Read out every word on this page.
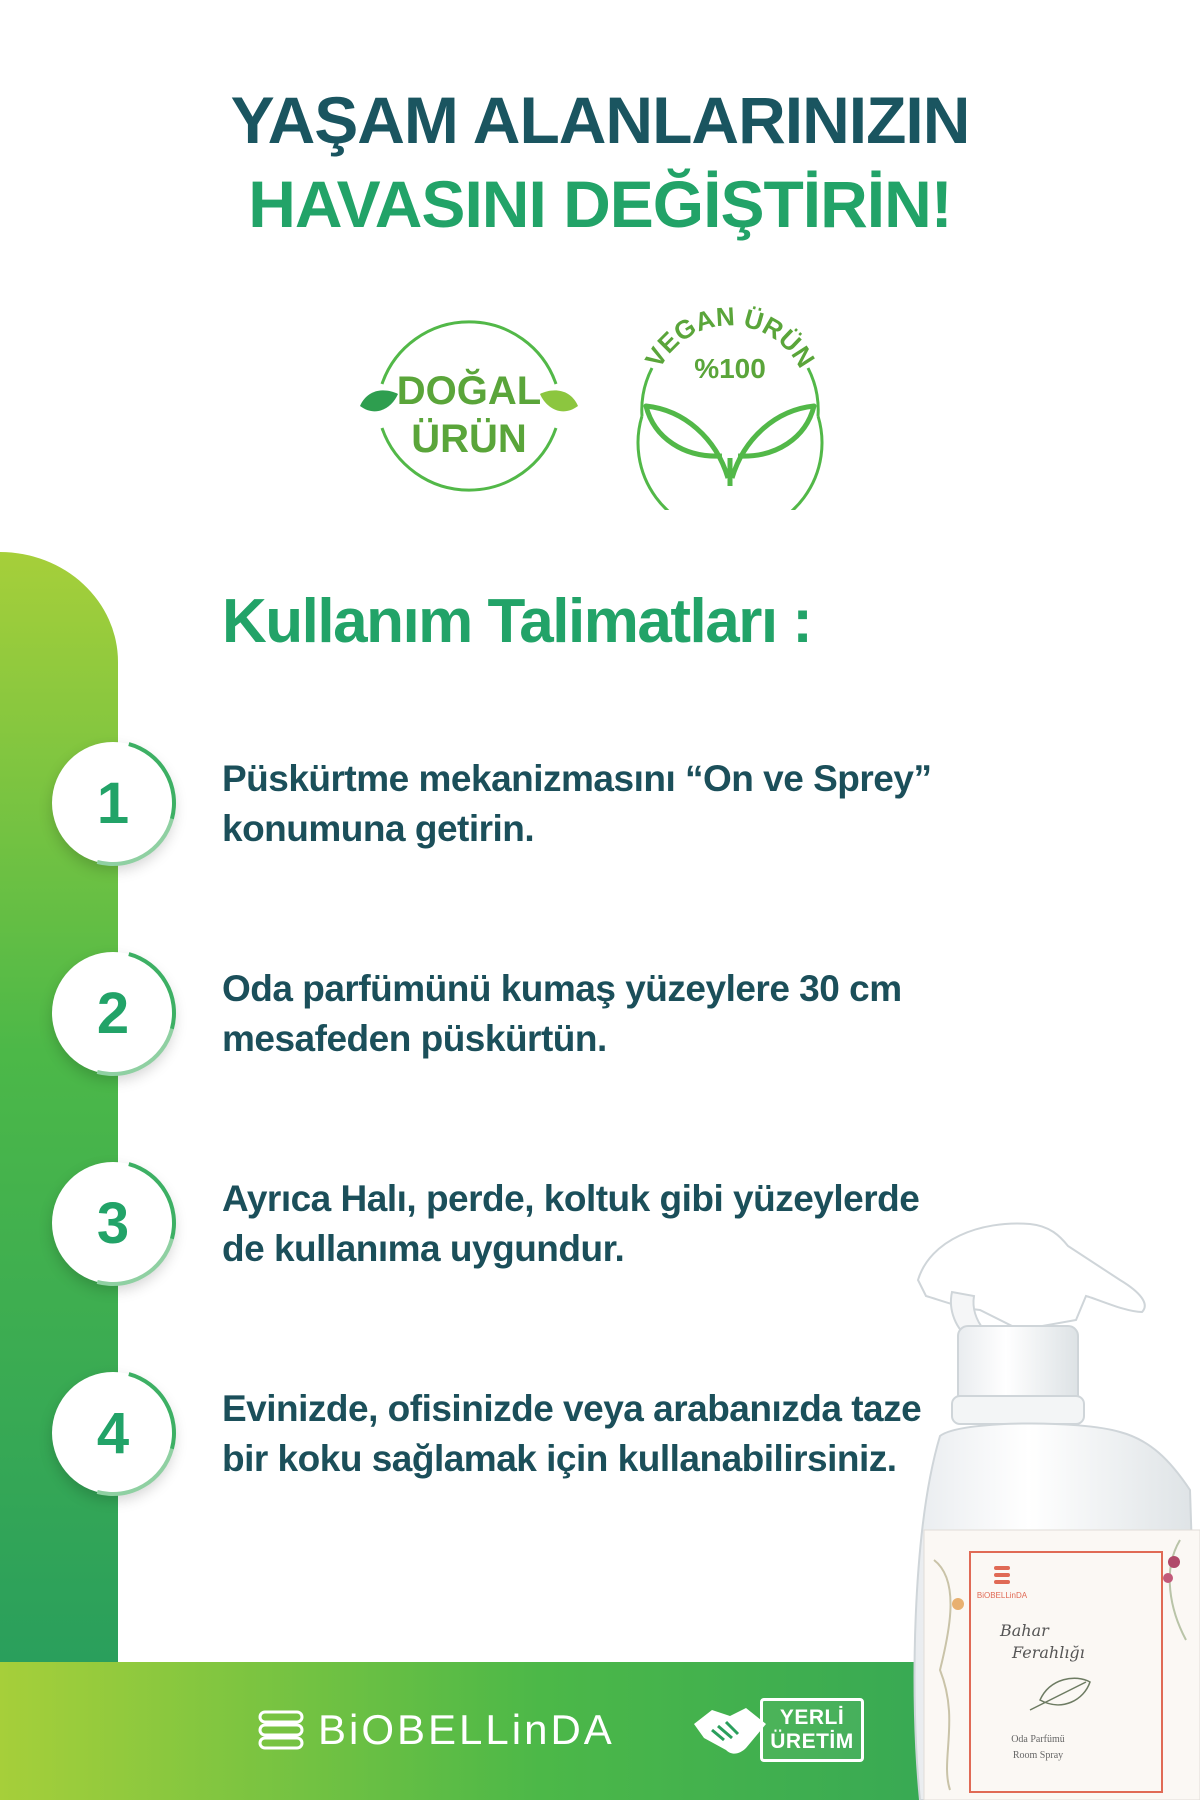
YAŞAM ALANLARINIZIN
HAVASINI DEĞİŞTİRİN!
DOĞAL
ÜRÜN
VEGAN ÜRÜN
%100
Kullanım Talimatları :
1	Püskürtme mekanizmasını “On ve Sprey”
konumuna getirin.
2	Oda parfümünü kumaş yüzeylere 30 cm
mesafeden püskürtün.
3	Ayrıca Halı, perde, koltuk gibi yüzeylerde
de kullanıma uygundur.
4	Evinizde, ofisinizde veya arabanızda taze
bir koku sağlamak için kullanabilirsiniz.
BiOBELLinDA	YERLİ
ÜRETİM
BiOBELLinDA
Bahar
Ferahlığı
Oda Parfümü
Room Spray
